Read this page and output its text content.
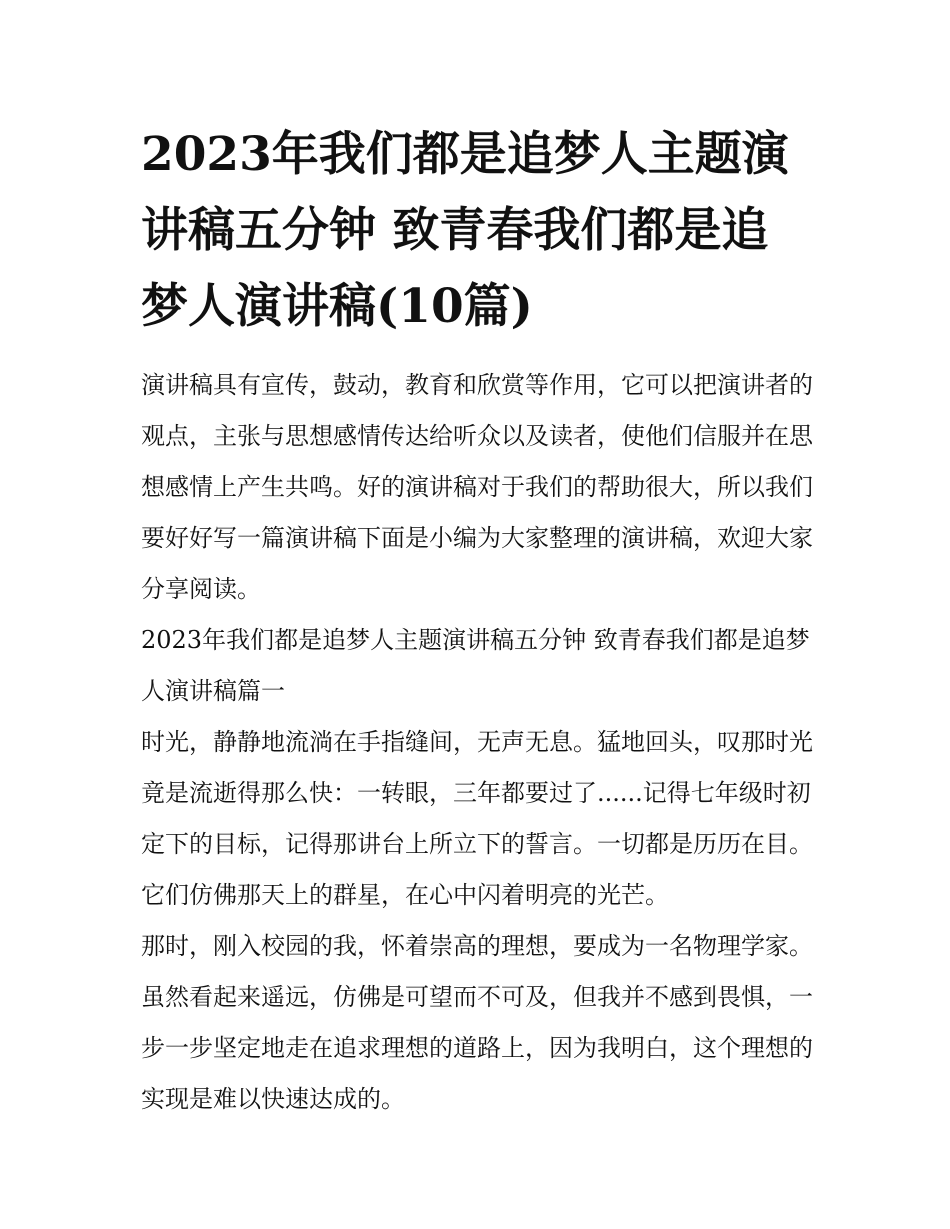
2023年我们都是追梦人主题演讲稿五分钟 致青春我们都是追梦人演讲稿(10篇)

演讲稿具有宣传，鼓动，教育和欣赏等作用，它可以把演讲者的观点，主张与思想感情传达给听众以及读者，使他们信服并在思想感情上产生共鸣。好的演讲稿对于我们的帮助很大，所以我们要好好写一篇演讲稿下面是小编为大家整理的演讲稿，欢迎大家分享阅读。

2023年我们都是追梦人主题演讲稿五分钟 致青春我们都是追梦人演讲稿篇一

时光，静静地流淌在手指缝间，无声无息。猛地回头，叹那时光竟是流逝得那么快：一转眼，三年都要过了......记得七年级时初定下的目标，记得那讲台上所立下的誓言。一切都是历历在目。它们仿佛那天上的群星，在心中闪着明亮的光芒。

那时，刚入校园的我，怀着崇高的理想，要成为一名物理学家。虽然看起来遥远，仿佛是可望而不可及，但我并不感到畏惧，一步一步坚定地走在追求理想的道路上，因为我明白，这个理想的实现是难以快速达成的。
